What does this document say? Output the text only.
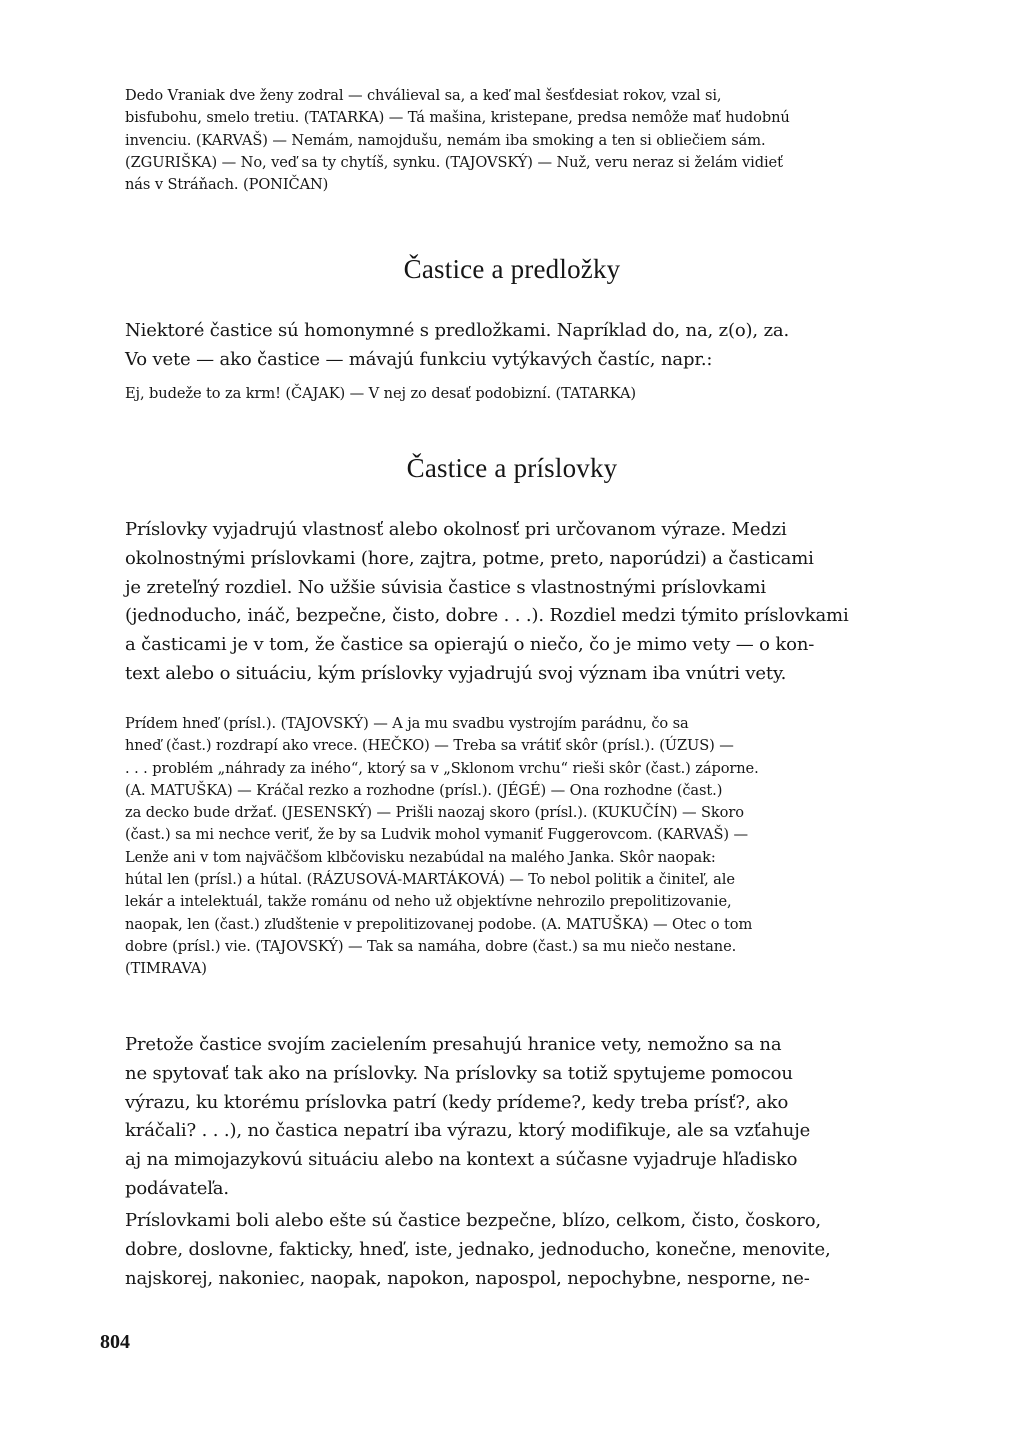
Dedo Vraniak dve ženy zodral — chválieval sa, a keď mal šesťdesiat rokov, vzal si,
bisfubohu, smelo tretiu. (TATARKA) — Tá mašina, kristepane, predsa nemôže mať hudobnú
invenciu. (KARVAŠ) — Nemám, namojdušu, nemám iba smoking a ten si obliečiem sám.
(ZGURIŠKA) — No, veď sa ty chytíš, synku. (TAJOVSKÝ) — Nuž, veru neraz si želám vidieť
nás v Stráňach. (PONIČAN)
Častice a predložky
Niektoré častice sú homonymné s predložkami. Napríklad do, na, z(o), za.
Vo vete — ako častice — mávajú funkciu vytýkavých častíc, napr.:
Ej, budeže to za krm! (ČAJAK) — V nej zo desať podobizní. (TATARKA)
Častice a príslovky
Príslovky vyjadrujú vlastnosť alebo okolnosť pri určovanom výraze. Medzi
okolnostnými príslovkami (hore, zajtra, potme, preto, naporúdzi) a časticami
je zreteľný rozdiel. No užšie súvisia častice s vlastnostnými príslovkami
(jednoducho, ináč, bezpečne, čisto, dobre . . .). Rozdiel medzi týmito príslovkami
a časticami je v tom, že častice sa opierajú o niečo, čo je mimo vety — o kon-
text alebo o situáciu, kým príslovky vyjadrujú svoj význam iba vnútri vety.
Prídem hneď (prísl.). (TAJOVSKÝ) — A ja mu svadbu vystrojím parádnu, čo sa
hneď (čast.) rozdrapí ako vrece. (HEČKO) — Treba sa vrátiť skôr (prísl.). (ÚZUS) —
. . . problém „náhrady za iného“, ktorý sa v „Sklonom vrchu“ rieši skôr (čast.) záporne.
(A. MATUŠKA) — Kráčal rezko a rozhodne (prísl.). (JÉGÉ) — Ona rozhodne (čast.)
za decko bude držať. (JESENSKÝ) — Prišli naozaj skoro (prísl.). (KUKUČÍN) — Skoro
(čast.) sa mi nechce veriť, že by sa Ludvik mohol vymaniť Fuggerovcom. (KARVAŠ) —
Lenže ani v tom najväčšom klbčovisku nezabúdal na malého Janka. Skôr naopak:
hútal len (prísl.) a hútal. (RÁZUSOVÁ-MARTÁKOVÁ) — To nebol politik a činiteľ, ale
lekár a intelektuál, takže románu od neho už objektívne nehrozilo prepolitizovanie,
naopak, len (čast.) zľudštenie v prepolitizovanej podobe. (A. MATUŠKA) — Otec o tom
dobre (prísl.) vie. (TAJOVSKÝ) — Tak sa namáha, dobre (čast.) sa mu niečo nestane.
(TIMRAVA)
Pretože častice svojím zacielením presahujú hranice vety, nemožno sa na
ne spytovať tak ako na príslovky. Na príslovky sa totiž spytujeme pomocou
výrazu, ku ktorému príslovka patrí (kedy prídeme?, kedy treba prísť?, ako
kráčali? . . .), no častica nepatrí iba výrazu, ktorý modifikuje, ale sa vzťahuje
aj na mimojazykovú situáciu alebo na kontext a súčasne vyjadruje hľadisko
podávateľa.
Príslovkami boli alebo ešte sú častice bezpečne, blízo, celkom, čisto, čoskoro,
dobre, doslovne, fakticky, hneď, iste, jednako, jednoducho, konečne, menovite,
najskorej, nakoniec, naopak, napokon, napospol, nepochybne, nesporne, ne-
804
